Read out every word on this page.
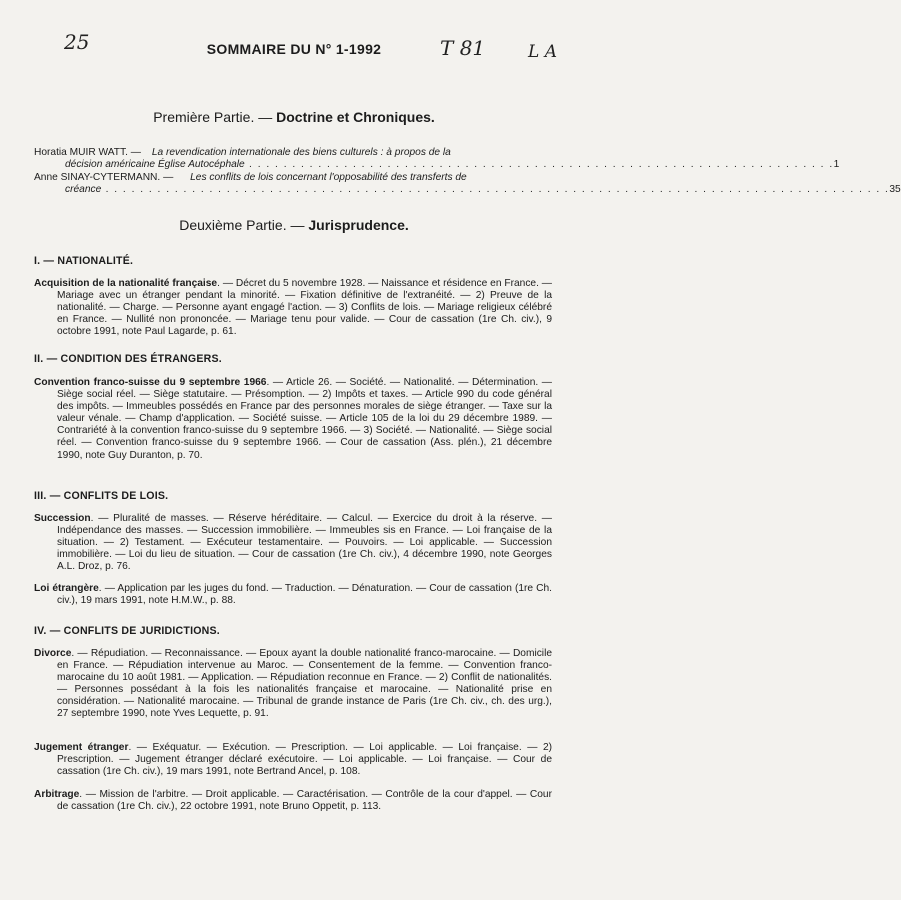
25	T 81	L A
SOMMAIRE DU N° 1-1992
Première Partie. — Doctrine et Chroniques.
Horatia MUIR WATT. — La revendication internationale des biens culturels : à propos de la
décision américaine Église Autocéphale . . . . . . . . . . . . . . . . . . . . . . . . . . . . . . . . . . . . . . . . . . . . . . . . . . . . . . . . . . . . . . . . . . . . 1
Anne SINAY-CYTERMANN. — Les conflits de lois concernant l'opposabilité des transferts de
créance . . . . . . . . . . . . . . . . . . . . . . . . . . . . . . . . . . . . . . . . . . . . . . . . . . . . . . . . . . . . . . . . . . . . . . . . . . . . . . . . . . . . . . . . . . . 35
Deuxième Partie. — Jurisprudence.
I. — NATIONALITÉ.

Acquisition de la nationalité française. — Décret du 5 novembre 1928. — Naissance et résidence en France. — Mariage avec un étranger pendant la minorité. — Fixation définitive de l'extranéité. — 2) Preuve de la nationalité. — Charge. — Personne ayant engagé l'action. — 3) Conflits de lois. — Mariage religieux célébré en France. — Nullité non prononcée. — Mariage tenu pour valide. — Cour de cassation (1re Ch. civ.), 9 octobre 1991, note Paul Lagarde, p. 61.

II. — CONDITION DES ÉTRANGERS.

Convention franco-suisse du 9 septembre 1966. — Article 26. — Société. — Nationalité. — Détermination. — Siège social réel. — Siège statutaire. — Présomption. — 2) Impôts et taxes. — Article 990 du code général des impôts. — Immeubles possédés en France par des personnes morales de siège étranger. — Taxe sur la valeur vénale. — Champ d'application. — Société suisse. — Article 105 de la loi du 29 décembre 1989. — Contrariété à la convention franco-suisse du 9 septembre 1966. — 3) Société. — Nationalité. — Siège social réel. — Convention franco-suisse du 9 septembre 1966. — Cour de cassation (Ass. plén.), 21 décembre 1990, note Guy Duranton, p. 70.

III. — CONFLITS DE LOIS.

Succession. — Pluralité de masses. — Réserve héréditaire. — Calcul. — Exercice du droit à la réserve. — Indépendance des masses. — Succession immobilière. — Immeubles sis en France. — Loi française de la situation. — 2) Testament. — Exécuteur testamentaire. — Pouvoirs. — Loi applicable. — Succession immobilière. — Loi du lieu de situation. — Cour de cassation (1re Ch. civ.), 4 décembre 1990, note Georges A.L. Droz, p. 76.

Loi étrangère. — Application par les juges du fond. — Traduction. — Dénaturation. — Cour de cassation (1re Ch. civ.), 19 mars 1991, note H.M.W., p. 88.

IV. — CONFLITS DE JURIDICTIONS.

Divorce. — Répudiation. — Reconnaissance. — Epoux ayant la double nationalité franco-marocaine. — Domicile en France. — Répudiation intervenue au Maroc. — Consentement de la femme. — Convention franco-marocaine du 10 août 1981. — Application. — Répudiation reconnue en France. — 2) Conflit de nationalités. — Personnes possédant à la fois les nationalités française et marocaine. — Nationalité prise en considération. — Nationalité marocaine. — Tribunal de grande instance de Paris (1re Ch. civ., ch. des urg.), 27 septembre 1990, note Yves Lequette, p. 91.

Jugement étranger. — Exéquatur. — Exécution. — Prescription. — Loi applicable. — Loi française. — 2) Prescription. — Jugement étranger déclaré exécutoire. — Loi applicable. — Loi française. — Cour de cassation (1re Ch. civ.), 19 mars 1991, note Bertrand Ancel, p. 108.

Arbitrage. — Mission de l'arbitre. — Droit applicable. — Caractérisation. — Contrôle de la cour d'appel. — Cour de cassation (1re Ch. civ.), 22 octobre 1991, note Bruno Oppetit, p. 113.
